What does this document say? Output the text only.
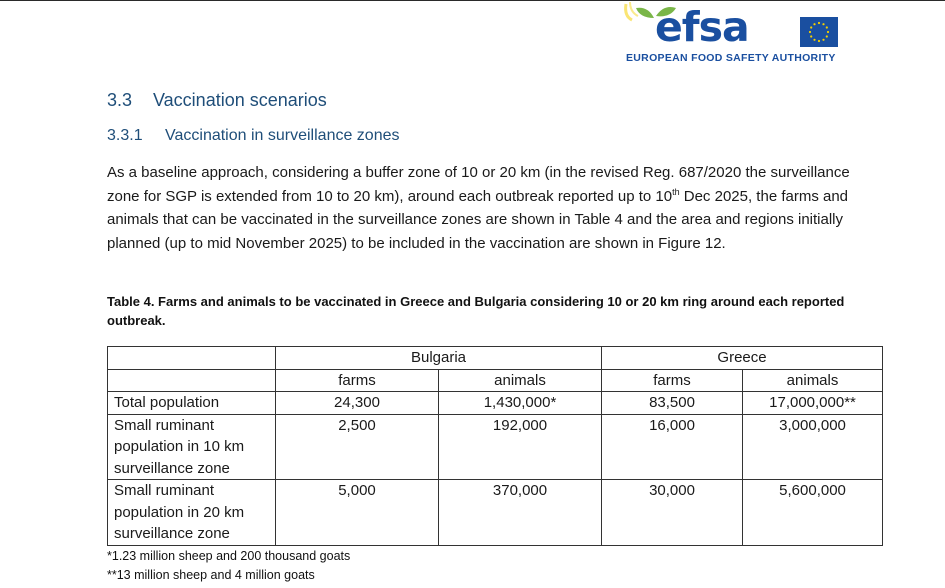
efsa
EUROPEAN FOOD SAFETY AUTHORITY
3.3 Vaccination scenarios
3.3.1 Vaccination in surveillance zones
As a baseline approach, considering a buffer zone of 10 or 20 km (in the revised Reg. 687/2020 the surveillance zone for SGP is extended from 10 to 20 km), around each outbreak reported up to 10th Dec 2025, the farms and animals that can be vaccinated in the surveillance zones are shown in Table 4 and the area and regions initially planned (up to mid November 2025) to be included in the vaccination are shown in Figure 12.
Table 4. Farms and animals to be vaccinated in Greece and Bulgaria considering 10 or 20 km ring around each reported outbreak.
	Bulgaria		Greece	
	farms	animals	farms	animals
Total population	24,300	1,430,000*	83,500	17,000,000**
Small ruminant population in 10 km surveillance zone	2,500	192,000	16,000	3,000,000
Small ruminant population in 20 km surveillance zone	5,000	370,000	30,000	5,600,000
*1.23 million sheep and 200 thousand goats
**13 million sheep and 4 million goats
